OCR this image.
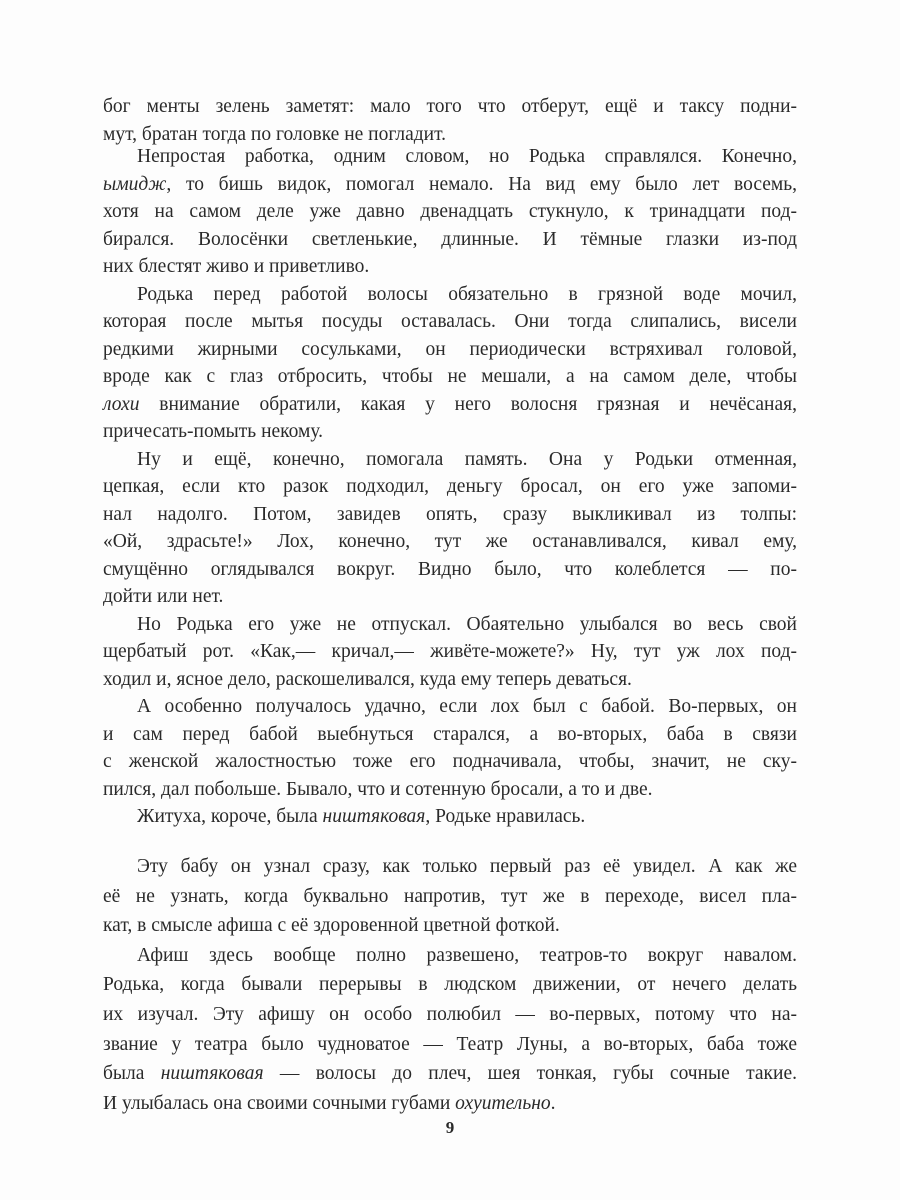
бог менты зелень заметят: мало того что отберут, ещё и таксу подни-
мут, братан тогда по головке не погладит.
Непростая работка, одним словом, но Родька справлялся. Конечно,
ымидж, то бишь видок, помогал немало. На вид ему было лет восемь,
хотя на самом деле уже давно двенадцать стукнуло, к тринадцати под-
бирался. Волосёнки светленькие, длинные. И тёмные глазки из-под
них блестят живо и приветливо.
Родька перед работой волосы обязательно в грязной воде мочил,
которая после мытья посуды оставалась. Они тогда слипались, висели
редкими жирными сосульками, он периодически встряхивал головой,
вроде как с глаз отбросить, чтобы не мешали, а на самом деле, чтобы
лохи внимание обратили, какая у него волосня грязная и нечёсаная,
причесать-помыть некому.
Ну и ещё, конечно, помогала память. Она у Родьки отменная,
цепкая, если кто разок подходил, деньгу бросал, он его уже запоми-
нал надолго. Потом, завидев опять, сразу выкликивал из толпы:
«Ой, здрасьте!» Лох, конечно, тут же останавливался, кивал ему,
смущённо оглядывался вокруг. Видно было, что колеблется — по-
дойти или нет.
Но Родька его уже не отпускал. Обаятельно улыбался во весь свой
щербатый рот. «Как,— кричал,— живёте-можете?» Ну, тут уж лох под-
ходил и, ясное дело, раскошеливался, куда ему теперь деваться.
А особенно получалось удачно, если лох был с бабой. Во-первых, он
и сам перед бабой выебнуться старался, а во-вторых, баба в связи
с женской жалостностью тоже его подначивала, чтобы, значит, не ску-
пился, дал побольше. Бывало, что и сотенную бросали, а то и две.
Житуха, короче, была ништяковая, Родьке нравилась.
Эту бабу он узнал сразу, как только первый раз её увидел. А как же
её не узнать, когда буквально напротив, тут же в переходе, висел пла-
кат, в смысле афиша с её здоровенной цветной фоткой.
Афиш здесь вообще полно развешено, театров-то вокруг навалом.
Родька, когда бывали перерывы в людском движении, от нечего делать
их изучал. Эту афишу он особо полюбил — во-первых, потому что на-
звание у театра было чудноватое — Театр Луны, а во-вторых, баба тоже
была ништяковая — волосы до плеч, шея тонкая, губы сочные такие.
И улыбалась она своими сочными губами охуительно.
9
